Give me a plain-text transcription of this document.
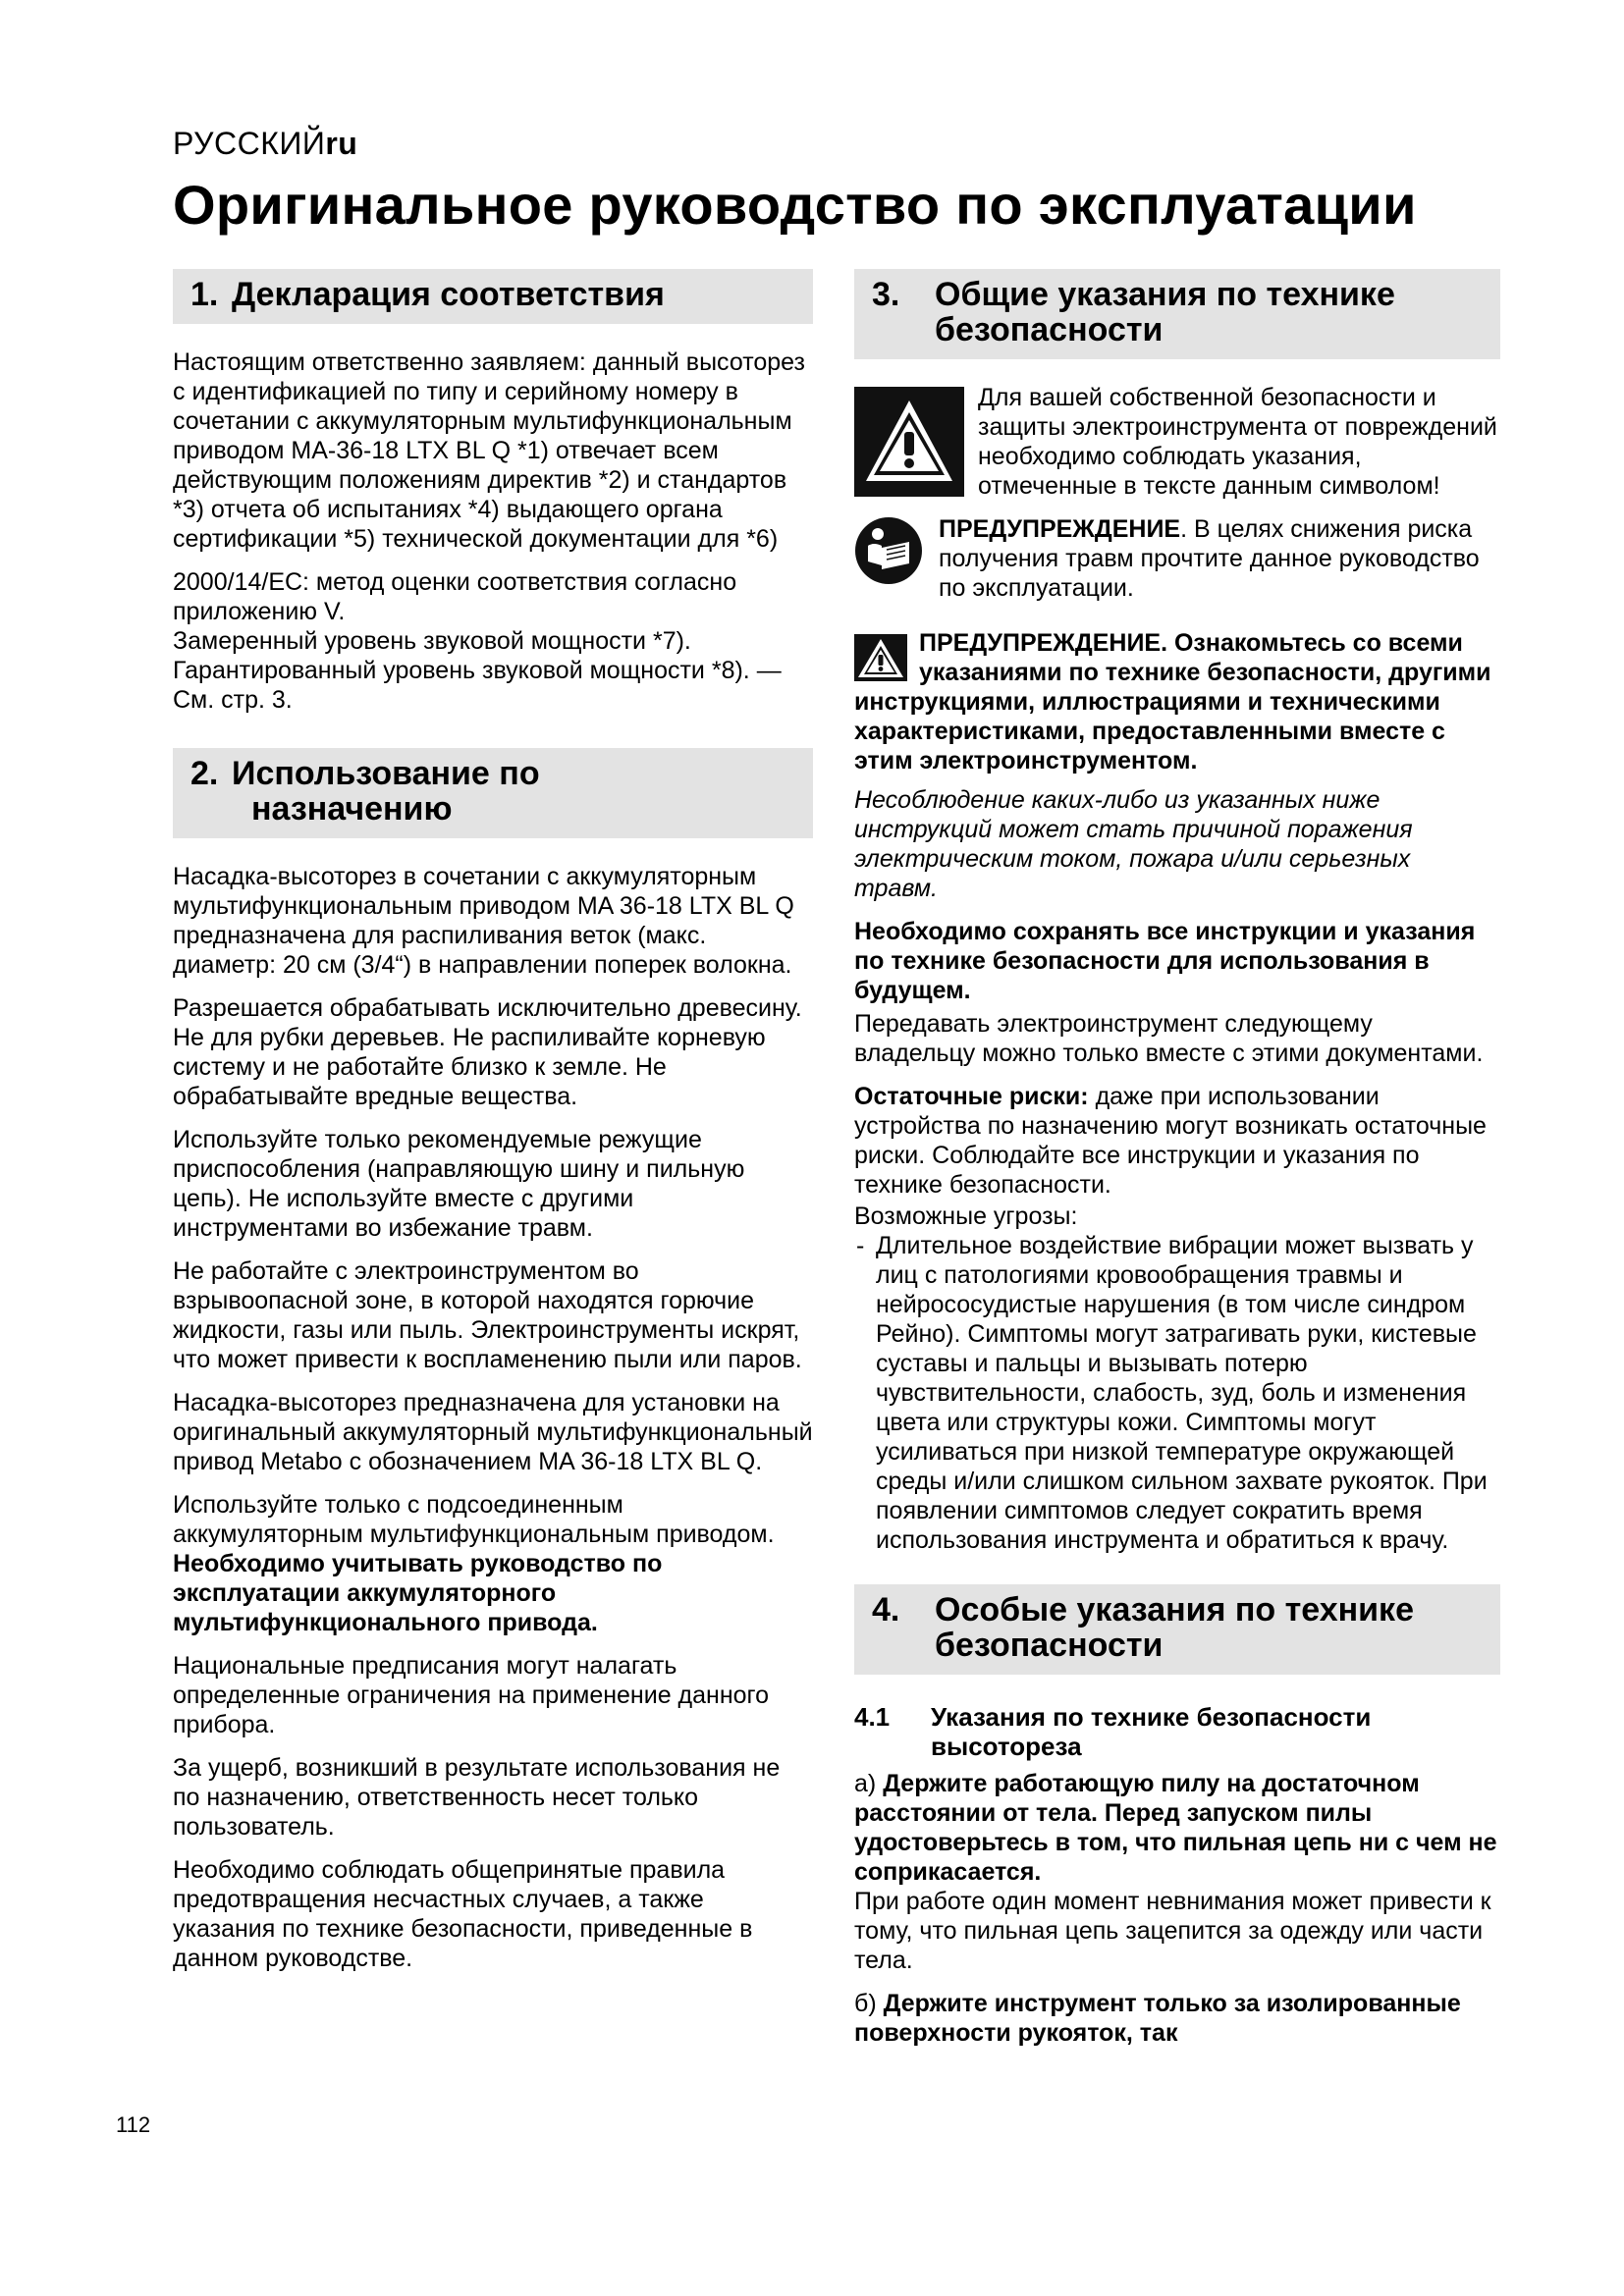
РУССКИЙru
Оригинальное руководство по эксплуатации
1. Декларация соответствия

Настоящим ответственно заявляем: данный высоторез с идентификацией по типу и серийному номеру в сочетании с аккумуляторным мультифункциональным приводом MA-36-18 LTX BL Q *1) отвечает всем действующим положениям директив *2) и стандартов *3) отчета об испытаниях *4) выдающего органа сертификации *5) технической документации для *6)

2000/14/EC: метод оценки соответствия согласно приложению V.

Замеренный уровень звуковой мощности *7).

Гарантированный уровень звуковой мощности *8). — См. стр. 3.

2. Использование по
назначению

Насадка-высоторез в сочетании с аккумуляторным мультифункциональным приводом MA 36-18 LTX BL Q предназначена для распиливания веток (макс. диаметр: 20 см (3/4“) в направлении поперек волокна.

Разрешается обрабатывать исключительно древесину. Не для рубки деревьев. Не распиливайте корневую систему и не работайте близко к земле. Не обрабатывайте вредные вещества.

Используйте только рекомендуемые режущие приспособления (направляющую шину и пильную цепь). Не используйте вместе с другими инструментами во избежание травм.

Не работайте с электроинструментом во взрывоопасной зоне, в которой находятся горючие жидкости, газы или пыль. Электроинструменты искрят, что может привести к воспламенению пыли или паров.

Насадка-высоторез предназначена для установки на оригинальный аккумуляторный мультифункциональный привод Metabo с обозначением MA 36-18 LTX BL Q.

Используйте только с подсоединенным аккумуляторным мультифункциональным приводом. Необходимо учитывать руководство по эксплуатации аккумуляторного мультифункционального привода.

Национальные предписания могут налагать определенные ограничения на применение данного прибора.

За ущерб, возникший в результате использования не по назначению, ответственность несет только пользователь.

Необходимо соблюдать общепринятые правила предотвращения несчастных случаев, а также указания по технике безопасности, приведенные в данном руководстве.

3.	Общие указания по технике безопасности

Для вашей собственной безопасности и защиты электроинструмента от повреждений необходимо соблюдать указания, отмеченные в тексте данным символом!

ПРЕДУПРЕЖДЕНИЕ. В целях снижения риска получения травм прочтите данное руководство по эксплуатации.

ПРЕДУПРЕЖДЕНИЕ. Ознакомьтесь со всеми указаниями по технике безопасности, другими инструкциями, иллюстрациями и техническими характеристиками, предоставленными вместе с этим электроинструментом.

Несоблюдение каких-либо из указанных ниже инструкций может стать причиной поражения электрическим током, пожара и/или серьезных травм.

Необходимо сохранять все инструкции и указания по технике безопасности для использования в будущем.

Передавать электроинструмент следующему владельцу можно только вместе с этими документами.

Остаточные риски: даже при использовании устройства по назначению могут возникать остаточные риски. Соблюдайте все инструкции и указания по технике безопасности.

Возможные угрозы:

- Длительное воздействие вибрации может вызвать у лиц с патологиями кровообращения травмы и нейрососудистые нарушения (в том числе синдром Рейно). Симптомы могут затрагивать руки, кистевые суставы и пальцы и вызывать потерю чувствительности, слабость, зуд, боль и изменения цвета или структуры кожи. Симптомы могут усиливаться при низкой температуре окружающей среды и/или слишком сильном захвате рукояток. При появлении симптомов следует сократить время использования инструмента и обратиться к врачу.
4.	Особые указания по технике безопасности
4.1	Указания по технике безопасности высотореза

а) Держите работающую пилу на достаточном расстоянии от тела. Перед запуском пилы удостоверьтесь в том, что пильная цепь ни с чем не соприкасается.

При работе один момент невнимания может привести к тому, что пильная цепь зацепится за одежду или части тела.

б) Держите инструмент только за изолированные поверхности рукояток, так

112
